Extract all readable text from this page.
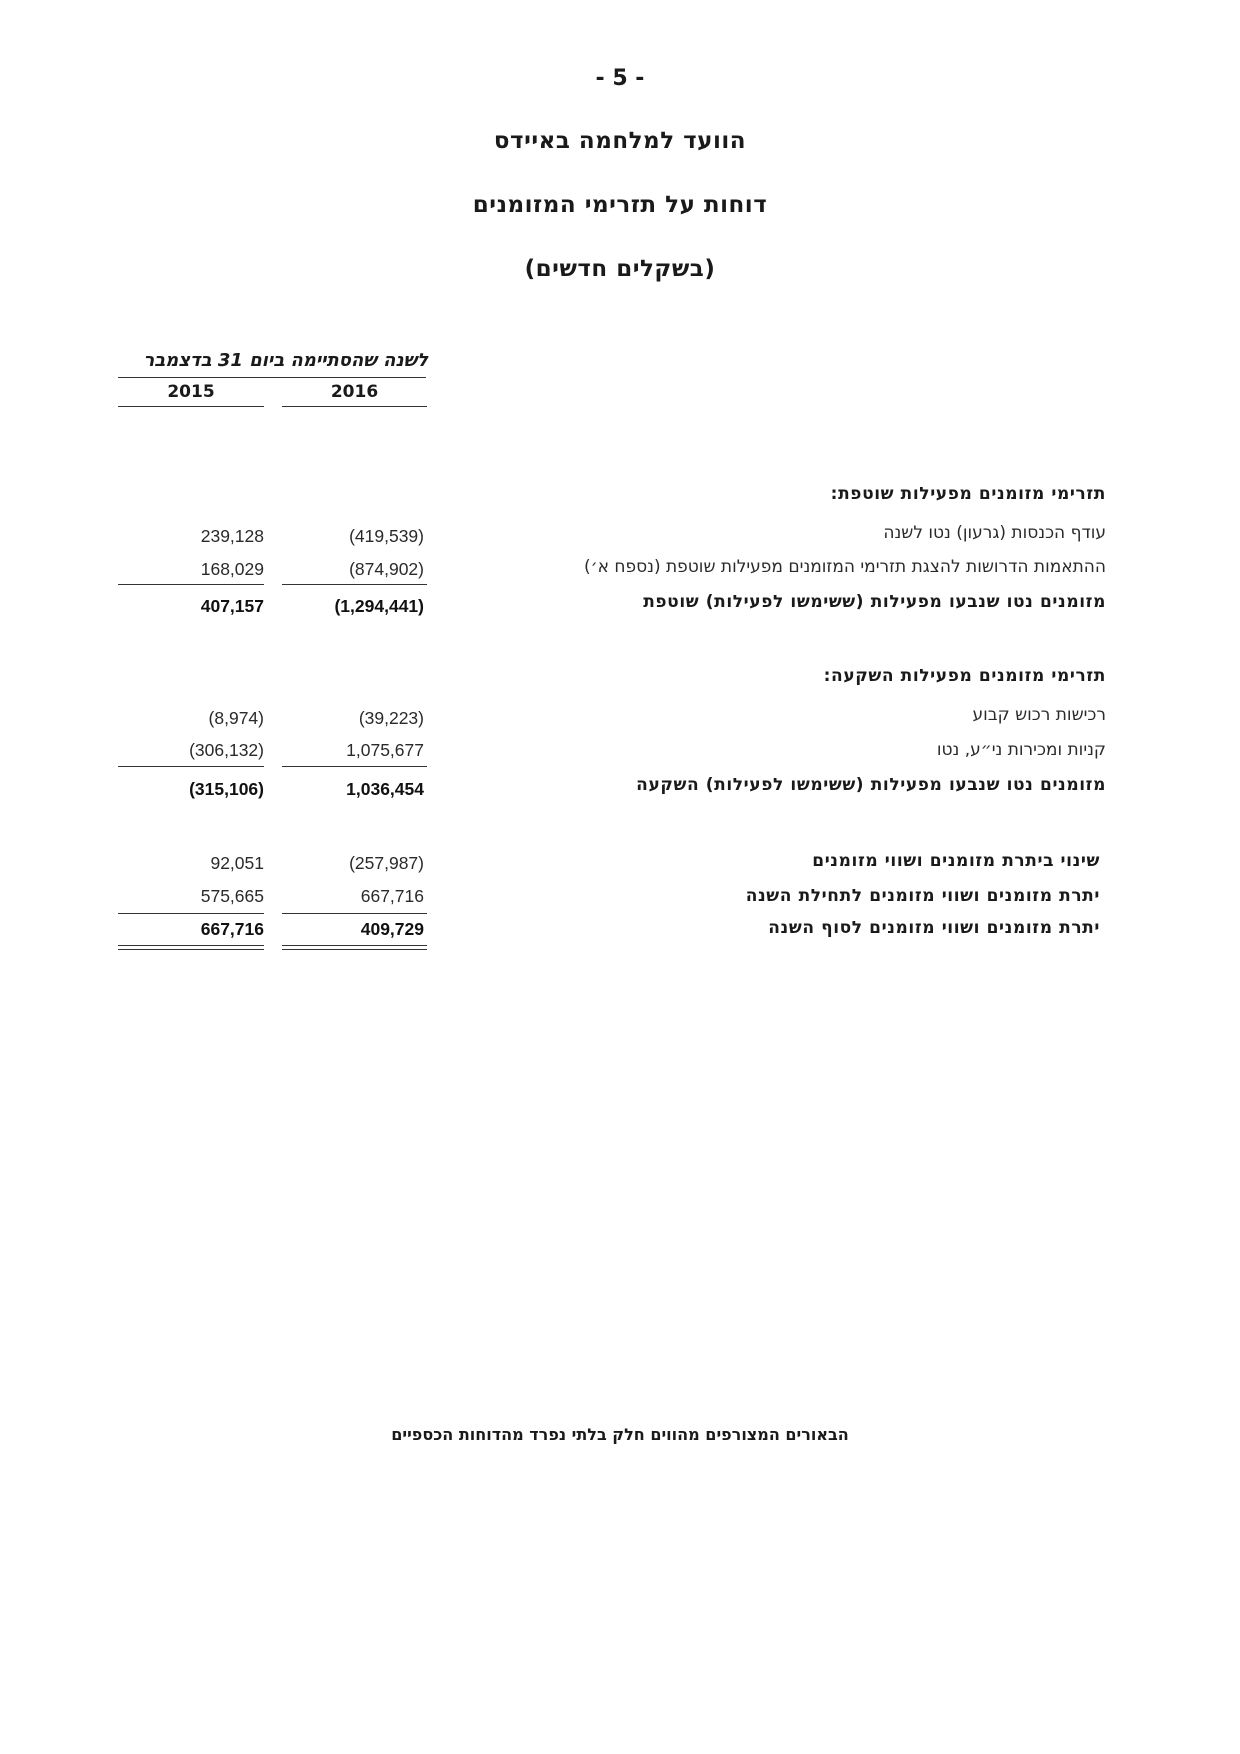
- 5 -
הוועד למלחמה באיידס
דוחות על תזרימי המזומנים
(בשקלים חדשים)
לשנה שהסתיימה ביום 31 בדצמבר
2016
2015
תזרימי מזומנים מפעילות שוטפת:
עודף הכנסות (גרעון) נטו לשנה
(419,539)
239,128
ההתאמות הדרושות להצגת תזרימי המזומנים מפעילות שוטפת (נספח א׳)
(874,902)
168,029
מזומנים נטו שנבעו מפעילות (ששימשו לפעילות) שוטפת
(1,294,441)
407,157
תזרימי מזומנים מפעילות השקעה:
רכישות רכוש קבוע
(39,223)
(8,974)
קניות ומכירות ני״ע, נטו
1,075,677
(306,132)
מזומנים נטו שנבעו מפעילות (ששימשו לפעילות) השקעה
1,036,454
(315,106)
שינוי ביתרת מזומנים ושווי מזומנים
(257,987)
92,051
יתרת מזומנים ושווי מזומנים לתחילת השנה
667,716
575,665
יתרת מזומנים ושווי מזומנים לסוף השנה
409,729
667,716
הבאורים המצורפים מהווים חלק בלתי נפרד מהדוחות הכספיים
